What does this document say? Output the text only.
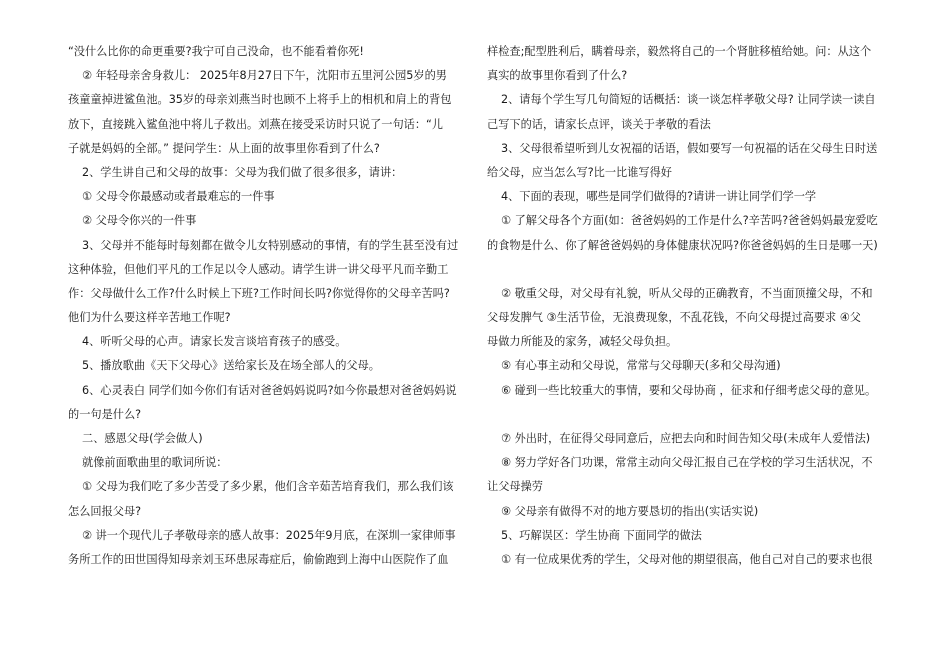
“没什么比你的命更重要?我宁可自己没命，也不能看着你死!

② 年轻母亲舍身救儿： 2025年8月27日下午，沈阳市五里河公园5岁的男

孩童童掉进鲨鱼池。35岁的母亲刘燕当时也顾不上将手上的相机和肩上的背包

放下，直接跳入鲨鱼池中将儿子救出。刘燕在接受采访时只说了一句话：“儿

子就是妈妈的全部。” 提问学生：从上面的故事里你看到了什么?

2、学生讲自己和父母的故事：父母为我们做了很多很多，请讲：

① 父母令你最感动或者最难忘的一件事

② 父母令你兴的一件事

3、父母并不能每时每刻都在做令儿女特别感动的事情，有的学生甚至没有过

这种体验，但他们平凡的工作足以令人感动。请学生讲一讲父母平凡而辛勤工

作：父母做什么工作?什么时候上下班?工作时间长吗?你觉得你的父母辛苦吗?

他们为什么要这样辛苦地工作呢?

4、听听父母的心声。请家长发言谈培育孩子的感受。

5、播放歌曲《天下父母心》送给家长及在场全部人的父母。

6、心灵表白 同学们如今你们有话对爸爸妈妈说吗?如今你最想对爸爸妈妈说

的一句是什么?

二、感恩父母(学会做人)

就像前面歌曲里的歌词所说：

① 父母为我们吃了多少苦受了多少累，他们含辛茹苦培育我们，那么我们该

怎么回报父母?

② 讲一个现代儿子孝敬母亲的感人故事：2025年9月底，在深圳一家律师事

务所工作的田世国得知母亲刘玉环患尿毒症后，偷偷跑到上海中山医院作了血

样检查;配型胜利后，瞒着母亲，毅然将自己的一个肾脏移植给她。问：从这个

真实的故事里你看到了什么?

2、请每个学生写几句简短的话概括：谈一谈怎样孝敬父母? 让同学读一读自

己写下的话，请家长点评，谈关于孝敬的看法

3、父母很希望听到儿女祝福的话语，假如要写一句祝福的话在父母生日时送

给父母，应当怎么写?比一比谁写得好

4、下面的表现，哪些是同学们做得的?请讲一讲让同学们学一学

① 了解父母各个方面(如：爸爸妈妈的工作是什么?辛苦吗?爸爸妈妈最宠爱吃

的食物是什么、你了解爸爸妈妈的身体健康状况吗?你爸爸妈妈的生日是哪一天)

② 敬重父母，对父母有礼貌，听从父母的正确教育，不当面顶撞父母，不和

父母发脾气 ③生活节俭，无浪费现象，不乱花钱，不向父母提过高要求 ④父

母做力所能及的家务，减轻父母负担。

⑤ 有心事主动和父母说，常常与父母聊天(多和父母沟通)

⑥ 碰到一些比较重大的事情，要和父母协商 ，征求和仔细考虑父母的意见。

⑦ 外出时，在征得父母同意后，应把去向和时间告知父母(未成年人爱惜法)

⑧ 努力学好各门功课，常常主动向父母汇报自己在学校的学习生活状况，不

让父母操劳

⑨ 父母亲有做得不对的地方要恳切的指出(实话实说)

5、巧解误区：学生协商 下面同学的做法

① 有一位成果优秀的学生，父母对他的期望很高，他自己对自己的要求也很
